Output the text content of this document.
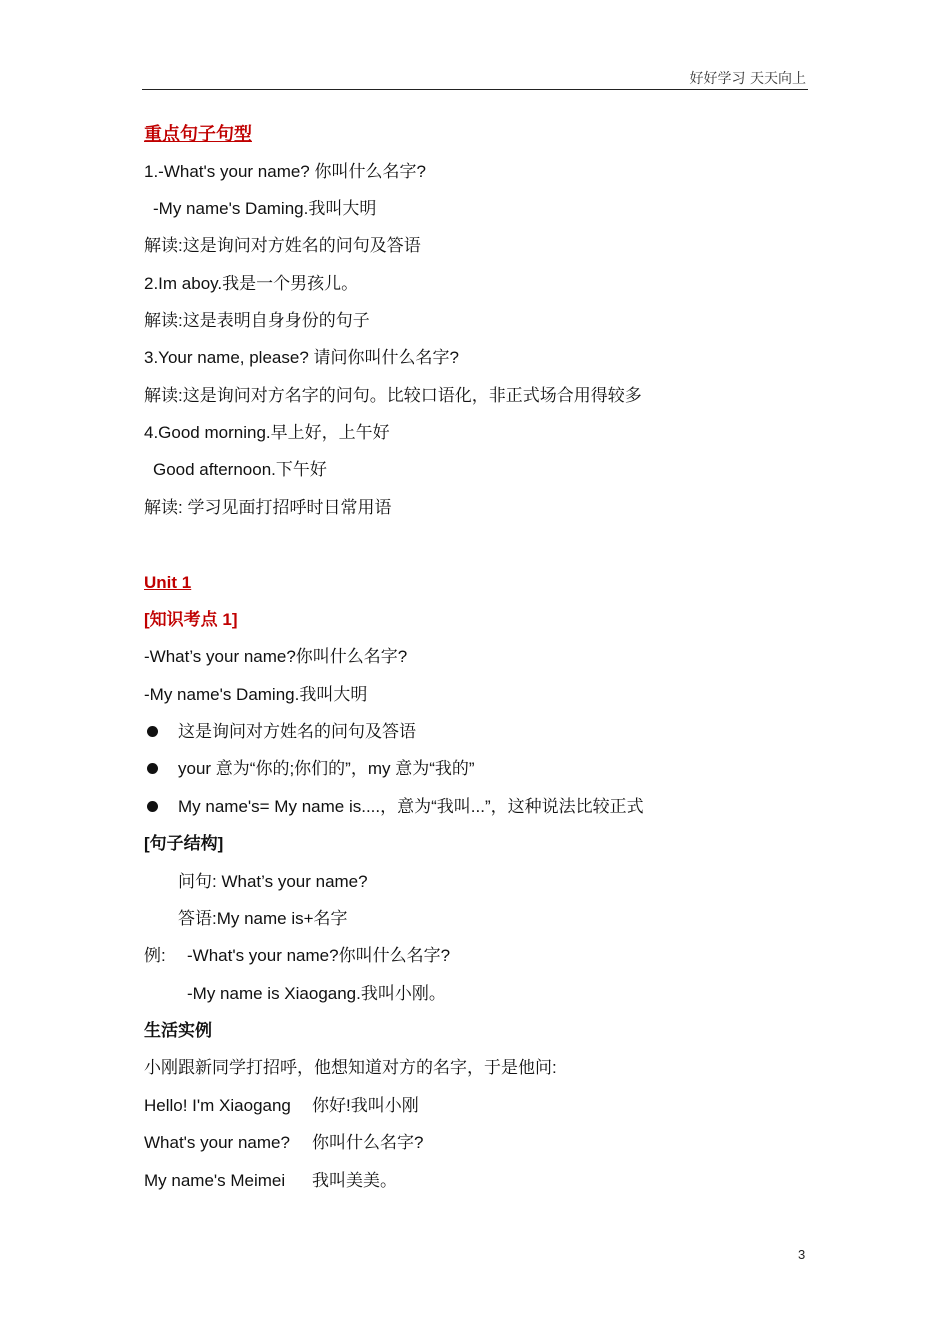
好好学习 天天向上
重点句子句型
1.-What's your name? 你叫什么名字?
-My name's Daming.我叫大明
解读:这是询问对方姓名的问句及答语
2.Im aboy.我是一个男孩儿。
解读:这是表明自身身份的句子
3.Your name, please? 请问你叫什么名字?
解读:这是询问对方名字的问句。比较口语化，非正式场合用得较多
4.Good morning.早上好，上午好
Good afternoon.下午好
解读: 学习见面打招呼时日常用语
Unit 1
[知识考点 1]
-What’s your name?你叫什么名字?
-My name's Daming.我叫大明
这是询问对方姓名的问句及答语
your 意为“你的;你们的”，my 意为“我的”
My name's= My name is....，意为“我叫...”，这种说法比较正式
[句子结构]
问句: What’s your name?
答语:My name is+名字
例: -What's your name?你叫什么名字?
-My name is Xiaogang.我叫小刚。
生活实例
小刚跟新同学打招呼，他想知道对方的名字，于是他问:
Hello! I'm Xiaogang 你好!我叫小刚
What's your name? 你叫什么名字?
My name's Meimei 我叫美美。
3
